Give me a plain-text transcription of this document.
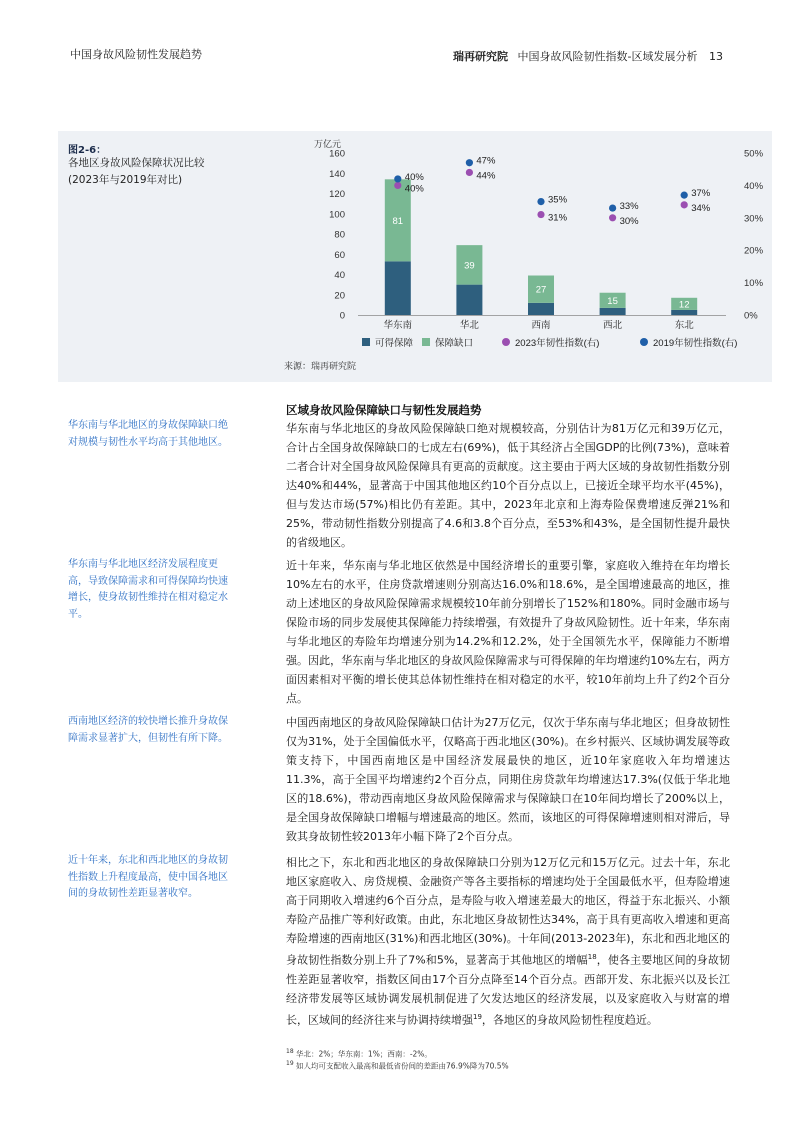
中国身故风险韧性发展趋势	瑞再研究院 中国身故风险韧性指数-区域发展分析 13
图2-6：
各地区身故风险保障状况比较
(2023年与2019年对比)
万亿元
0
20
40
60
80
100
120
140
160
0%
10%
20%
30%
40%
50%
81
华东南
39
华北
27
西南
15
西北
12
东北
40%
44%
31%	30%
34%
40%
47%
35%
33%
37%
可得保障 保障缺口	2023年韧性指数(右)	2019年韧性指数(右)
来源：瑞再研究院
华东南与华北地区的身故保障缺口绝对规模与韧性水平均高于其他地区。
华东南与华北地区经济发展程度更高，导致保障需求和可得保障均快速增长，使身故韧性维持在相对稳定水平。
西南地区经济的较快增长推升身故保障需求显著扩大，但韧性有所下降。
近十年来，东北和西北地区的身故韧性指数上升程度最高，使中国各地区间的身故韧性差距显著收窄。
区域身故风险保障缺口与韧性发展趋势
华东南与华北地区的身故风险保障缺口绝对规模较高，分别估计为81万亿元和39万亿元，合计占全国身故保障缺口的七成左右(69%)，低于其经济占全国GDP的比例(73%)，意味着二者合计对全国身故风险保障具有更高的贡献度。这主要由于两大区域的身故韧性指数分别达40%和44%，显著高于中国其他地区约10个百分点以上，已接近全球平均水平(45%)，但与发达市场(57%)相比仍有差距。其中，2023年北京和上海寿险保费增速反弹21%和25%，带动韧性指数分别提高了4.6和3.8个百分点，至53%和43%，是全国韧性提升最快的省级地区。
近十年来，华东南与华北地区依然是中国经济增长的重要引擎，家庭收入维持在年均增长10%左右的水平，住房贷款增速则分别高达16.0%和18.6%，是全国增速最高的地区，推动上述地区的身故风险保障需求规模较10年前分别增长了152%和180%。同时金融市场与保险市场的同步发展使其保障能力持续增强，有效提升了身故风险韧性。近十年来，华东南与华北地区的寿险年均增速分别为14.2%和12.2%，处于全国领先水平，保障能力不断增强。因此，华东南与华北地区的身故风险保障需求与可得保障的年均增速约10%左右，两方面因素相对平衡的增长使其总体韧性维持在相对稳定的水平，较10年前均上升了约2个百分点。
中国西南地区的身故风险保障缺口估计为27万亿元，仅次于华东南与华北地区；但身故韧性仅为31%，处于全国偏低水平，仅略高于西北地区(30%)。在乡村振兴、区域协调发展等政策支持下，中国西南地区是中国经济发展最快的地区，近10年家庭收入年均增速达11.3%，高于全国平均增速约2个百分点，同期住房贷款年均增速达17.3%(仅低于华北地区的18.6%)，带动西南地区身故风险保障需求与保障缺口在10年间均增长了200%以上，是全国身故保障缺口增幅与增速最高的地区。然而，该地区的可得保障增速则相对滞后，导致其身故韧性较2013年小幅下降了2个百分点。
相比之下，东北和西北地区的身故保障缺口分别为12万亿元和15万亿元。过去十年，东北地区家庭收入、房贷规模、金融资产等各主要指标的增速均处于全国最低水平，但寿险增速高于同期收入增速约6个百分点，是寿险与收入增速差最大的地区，得益于东北振兴、小额寿险产品推广等利好政策。由此，东北地区身故韧性达34%，高于具有更高收入增速和更高寿险增速的西南地区(31%)和西北地区(30%)。十年间(2013-2023年)，东北和西北地区的身故韧性指数分别上升了7%和5%，显著高于其他地区的增幅$^{18}$，使各主要地区间的身故韧性差距显著收窄，指数区间由17个百分点降至14个百分点。西部开发、东北振兴以及长江经济带发展等区域协调发展机制促进了欠发达地区的经济发展，以及家庭收入与财富的增长，区域间的经济往来与协调持续增强$^{19}$，各地区的身故风险韧性程度趋近。
$^{18}$ 华北：2%；华东南：1%；西南：-2%。
$^{19}$ 如人均可支配收入最高和最低省份间的差距由76.9%降为70.5%
